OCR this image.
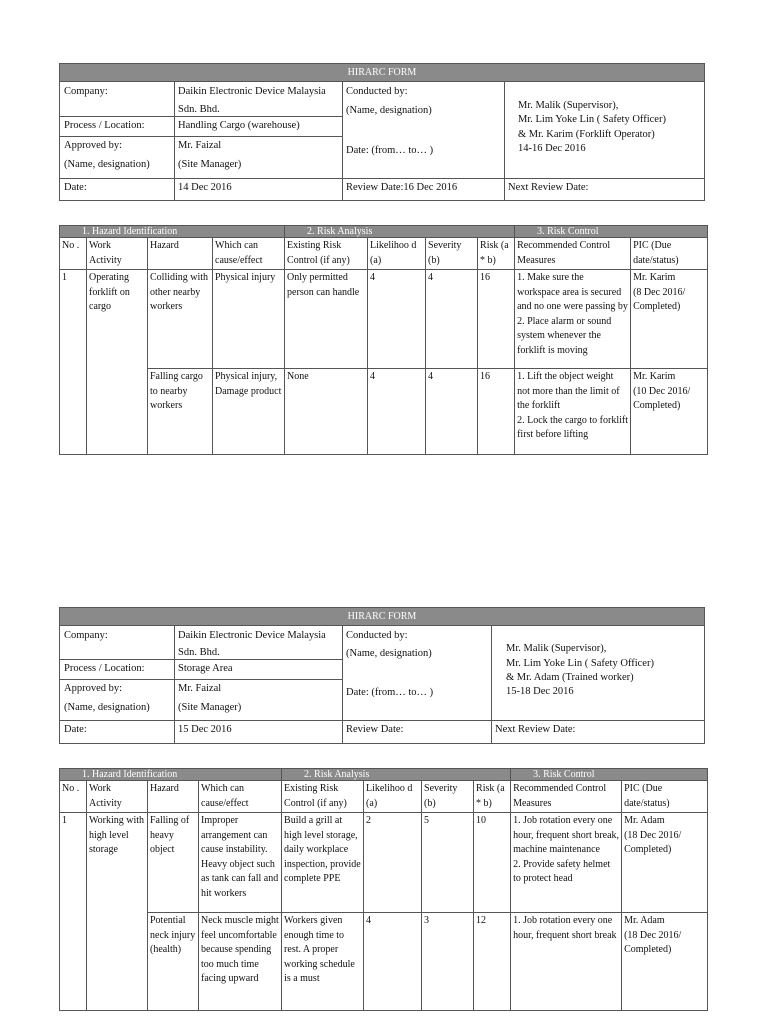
HIRARC FORM
Company:	Daikin Electronic Device Malaysia
Sdn. Bhd.
Conducted by:
(Name, designation)	Mr. Malik (Supervisor),
Mr. Lim Yoke Lin ( Safety Officer)
& Mr. Karim (Forklift Operator)
14-16 Dec 2016
Process / Location:	Handling Cargo (warehouse)
Approved by:
(Name, designation)
Mr. Faizal
(Site Manager)
Date: (from… to… )
Date:	14 Dec 2016	Review Date:16 Dec 2016	Next Review Date:
1. Hazard Identification				2. Risk Analysis				3. Risk Control	
No .	Work Activity	Hazard	Which can cause/effect	Existing Risk Control (if any)	Likelihoo d (a)	Severity (b)	Risk (a * b)	Recommended Control Measures	PIC (Due date/status)
1	Operating forklift on cargo	Colliding with other nearby workers	Physical injury	Only permitted person can handle	4	4	16	1. Make sure the workspace area is secured and no one were passing by
2. Place alarm or sound system whenever the forklift is moving	Mr. Karim
(8 Dec 2016/ Completed)
		Falling cargo to nearby workers	Physical injury, Damage product	None	4	4	16	1. Lift the object weight not more than the limit of the forklift
2. Lock the cargo to forklift first before lifting	Mr. Karim
(10 Dec 2016/ Completed)
HIRARC FORM
Company:	Daikin Electronic Device Malaysia
Sdn. Bhd.
Conducted by:
(Name, designation)	Mr. Malik (Supervisor),
Mr. Lim Yoke Lin ( Safety Officer)
& Mr. Adam (Trained worker)
15-18 Dec 2016
Process / Location:	Storage Area
Approved by:
(Name, designation)
Mr. Faizal
(Site Manager)
Date: (from… to… )
Date:	15 Dec 2016	Review Date:	Next Review Date:
1. Hazard Identification				2. Risk Analysis				3. Risk Control	
No .	Work Activity	Hazard	Which can cause/effect	Existing Risk Control (if any)	Likelihoo d (a)	Severity (b)	Risk (a * b)	Recommended Control Measures	PIC (Due date/status)
1	Working with high level storage	Falling of heavy object	Improper arrangement can cause instability. Heavy object such as tank can fall and hit workers	Build a grill at high level storage, daily workplace inspection, provide complete PPE	2	5	10	1. Job rotation every one hour, frequent short break, machine maintenance
2. Provide safety helmet to protect head	Mr. Adam
(18 Dec 2016/ Completed)
		Potential neck injury (health)	Neck muscle might feel uncomfortable because spending too much time facing upward	Workers given enough time to rest. A proper working schedule is a must	4	3	12	1. Job rotation every one hour, frequent short break	Mr. Adam
(18 Dec 2016/ Completed)
